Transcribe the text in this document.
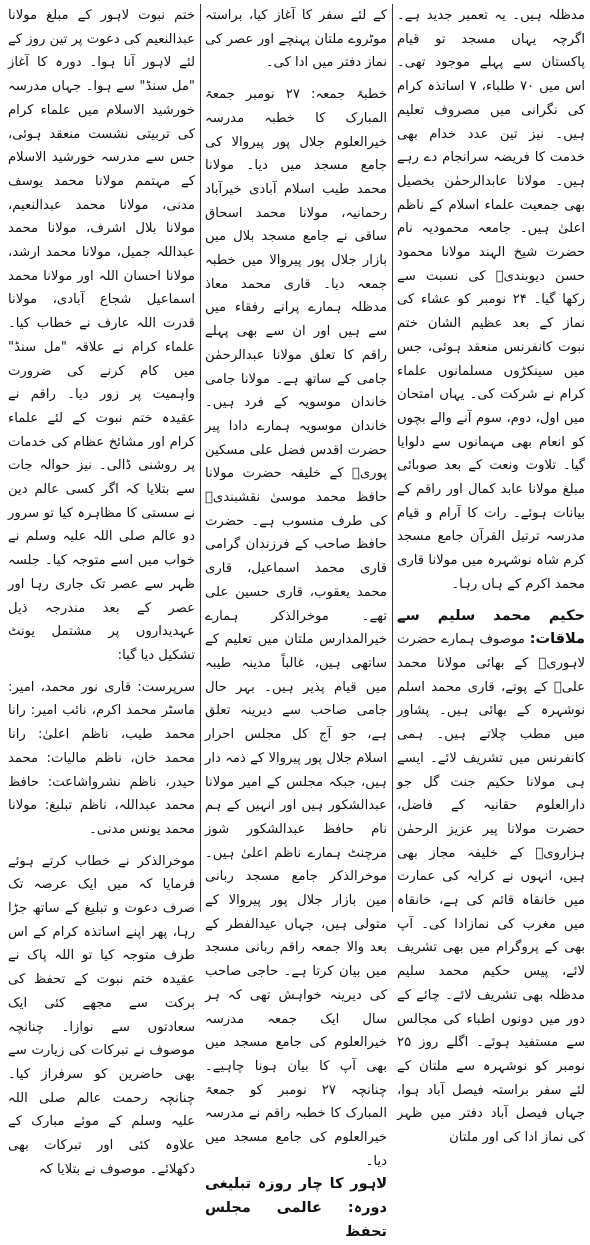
مدظلہ ہیں۔ یہ تعمیر جدید ہے۔ اگرچہ یہاں مسجد تو قیام پاکستان سے پہلے موجود تھی۔ اس میں ۷۰ طلباء، ۷ اساتذہ کرام کی نگرانی میں مصروف تعلیم ہیں۔ نیز تین عدد خدام بھی خدمت کا فریضہ سرانجام دے رہے ہیں۔ مولانا عابدالرحمٰن بخصیل بھی جمعیت علماء اسلام کے ناظم اعلیٰ ہیں۔ جامعہ محمودیہ نام حضرت شیخ الہند مولانا محمود حسن دیوبندیؒ کی نسبت سے رکھا گیا۔ ۲۴ نومبر کو عشاء کی نماز کے بعد عظیم الشان ختم نبوت کانفرنس منعقد ہوئی، جس میں سینکڑوں مسلمانوں علماء کرام نے شرکت کی۔ یہاں امتحان میں اول، دوم، سوم آنے والے بچوں کو انعام بھی مہمانوں سے دلوایا گیا۔ تلاوت ونعت کے بعد صوبائی مبلغ مولانا عابد کمال اور راقم کے بیانات ہوئے۔ رات کا آرام و قیام مدرسہ ترتیل القرآن جامع مسجد کرم شاہ نوشہرہ میں مولانا قاری محمد اکرم کے ہاں رہا۔

حکیم محمد سلیم سے ملاقات: موصوف ہمارے حضرت لاہوریؒ کے بھائی مولانا محمد علیؒ کے پوتے، قاری محمد اسلم نوشہرہ کے بھائی ہیں۔ پشاور میں مطب چلاتے ہیں۔ ہمی کانفرنس میں تشریف لائے۔ ایسے ہی مولانا حکیم جنت گل جو دارالعلوم حقانیہ کے فاضل، حضرت مولانا پیر عزیز الرحمٰن ہزارویؒ کے خلیفہ مجاز بھی ہیں، انہوں نے کرایہ کی عمارت میں خانقاہ قائم کی ہے، خانقاہ میں مغرب کی نمازادا کی۔ آپ بھی کے پروگرام میں بھی تشریف لائے، پیس حکیم محمد سلیم مدظلہ بھی تشریف لائے۔ چائے کے دور میں دونوں اطباء کی مجالس سے مستفید ہوئے۔ اگلے روز ۲۵ نومبر کو نوشہرہ سے ملتان کے لئے سفر براستہ فیصل آباد ہوا، جہاں فیصل آباد دفتر میں ظہر کی نماز ادا کی اور ملتان

کے لئے سفر کا آغاز کیا، براستہ موٹروے ملتان پہنچے اور عصر کی نماز دفتر میں ادا کی۔

خطبۂ جمعہ: ۲۷ نومبر جمعۃ المبارک کا خطبہ مدرسہ خیرالعلوم جلال پور پیروالا کی جامع مسجد میں دیا۔ مولانا محمد طیب اسلام آبادی خیرآباد رحمانیہ، مولانا محمد اسحاق ساقی نے جامع مسجد بلال میں بازار جلال پور پیروالا میں خطبہ جمعہ دیا۔ قاری محمد معاذ مدظلہ ہمارے پرانے رفقاء میں سے ہیں اور ان سے بھی پہلے راقم کا تعلق مولانا عبدالرحمٰن جامی کے ساتھ ہے۔ مولانا جامی خاندان موسویہ کے فرد ہیں۔ خاندان موسویہ ہمارے دادا پیر حضرت اقدس فضل علی مسکین پوریؒ کے خلیفہ حضرت مولانا حافظ محمد موسیٰ نقشبندیؒ کی طرف منسوب ہے۔ حضرت حافظ صاحب کے فرزندان گرامی قاری محمد اسماعیل، قاری محمد یعقوب، قاری حسین علی تھے۔ موخرالذکر ہمارے خیرالمدارس ملتان میں تعلیم کے ساتھی ہیں، غالباً مدینہ طیبہ میں قیام پذیر ہیں۔ بہر حال جامی صاحب سے دیرینہ تعلق ہے، جو آج کل مجلس احرار اسلام جلال پور پیروالا کے ذمہ دار ہیں، جبکہ مجلس کے امیر مولانا عبدالشکور ہیں اور انہیں کے ہم نام حافظ عبدالشکور شوز مرچنٹ ہمارے ناظم اعلیٰ ہیں۔ موخرالذکر جامع مسجد ربانی مین بازار جلال پور پیروالا کے متولی ہیں، جہاں عیدالفطر کے بعد والا جمعہ راقم ربانی مسجد میں بیان کرتا ہے۔ حاجی صاحب کی دیرینہ خواہش تھی کہ ہر سال ایک جمعہ مدرسہ خیرالعلوم کی جامع مسجد میں بھی آپ کا بیان ہونا چاہیے۔ چنانچہ ۲۷ نومبر کو جمعۃ المبارک کا خطبہ راقم نے مدرسہ خیرالعلوم کی جامع مسجد میں دیا۔

لاہور کا چار روزہ تبلیغی دورہ: عالمی مجلس تحفظ

ختم نبوت لاہور کے مبلغ مولانا عبدالنعیم کی دعوت پر تین روز کے لئے لاہور آنا ہوا۔ دورہ کا آغاز "مل سنڈ" سے ہوا۔ جہاں مدرسہ خورشید الاسلام میں علماء کرام کی تربیتی نشست منعقد ہوئی، جس سے مدرسہ خورشید الاسلام کے مہتمم مولانا محمد یوسف مدنی، مولانا محمد عبدالنعیم، مولانا بلال اشرف، مولانا محمد عبداللہ جمیل، مولانا محمد ارشد، مولانا احسان اللہ اور مولانا محمد اسماعیل شجاع آبادی، مولانا قدرت اللہ عارف نے خطاب کیا۔ علماء کرام نے علاقہ "مل سنڈ" میں کام کرنے کی ضرورت واہمیت پر زور دیا۔ راقم نے عقیدہ ختم نبوت کے لئے علماء کرام اور مشائخ عظام کی خدمات پر روشنی ڈالی۔ نیز حوالہ جات سے بتلایا کہ اگر کسی عالم دین نے سستی کا مظاہرہ کیا تو سرور دو عالم صلی اللہ علیہ وسلم نے خواب میں اسے متوجہ کیا۔ جلسہ ظہر سے عصر تک جاری رہا اور عصر کے بعد مندرجہ ذیل عہدیداروں پر مشتمل یونٹ تشکیل دیا گیا:

سرپرست: قاری نور محمد، امیر: ماسٹر محمد اکرم، نائب امیر: رانا محمد طیب، ناظم اعلیٰ: رانا محمد خان، ناظم مالیات: محمد حیدر، ناظم نشرواشاعت: حافظ محمد عبداللہ، ناظم تبلیغ: مولانا محمد یونس مدنی۔

موخرالذکر نے خطاب کرتے ہوئے فرمایا کہ میں ایک عرصہ تک صرف دعوت و تبلیغ کے ساتھ جڑا رہا، پھر اپنے اساتذہ کرام کے اس طرف متوجہ کیا تو اللہ پاک نے عقیدہ ختم نبوت کے تحفظ کی برکت سے مجھے کئی ایک سعادتوں سے نوازا۔ چنانچہ موصوف نے تبرکات کی زیارت سے بھی حاضرین کو سرفراز کیا۔ چنانچہ رحمت عالم صلی اللہ علیہ وسلم کے موئے مبارک کے علاوہ کئی اور تبرکات بھی دکھلائے۔ موصوف نے بتلایا کہ
